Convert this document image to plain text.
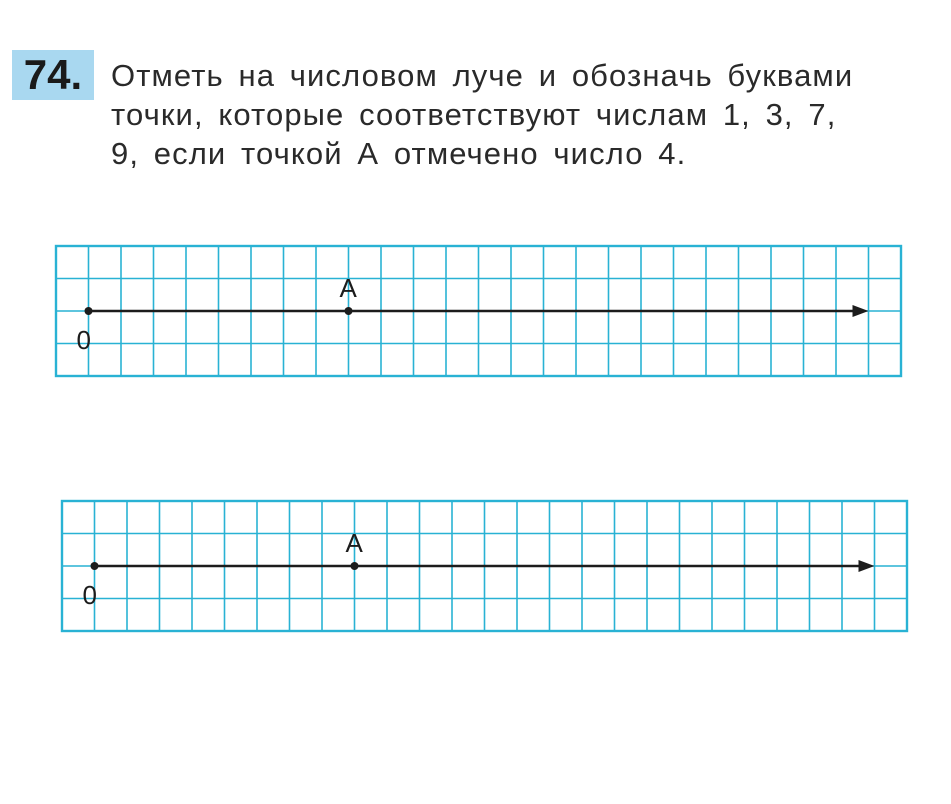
74. Отметь на числовом луче и обозначь буквами
точки, которые соответствуют числам 1, 3, 7,
9, если точкой А отмечено число 4.
0
A
0
A
